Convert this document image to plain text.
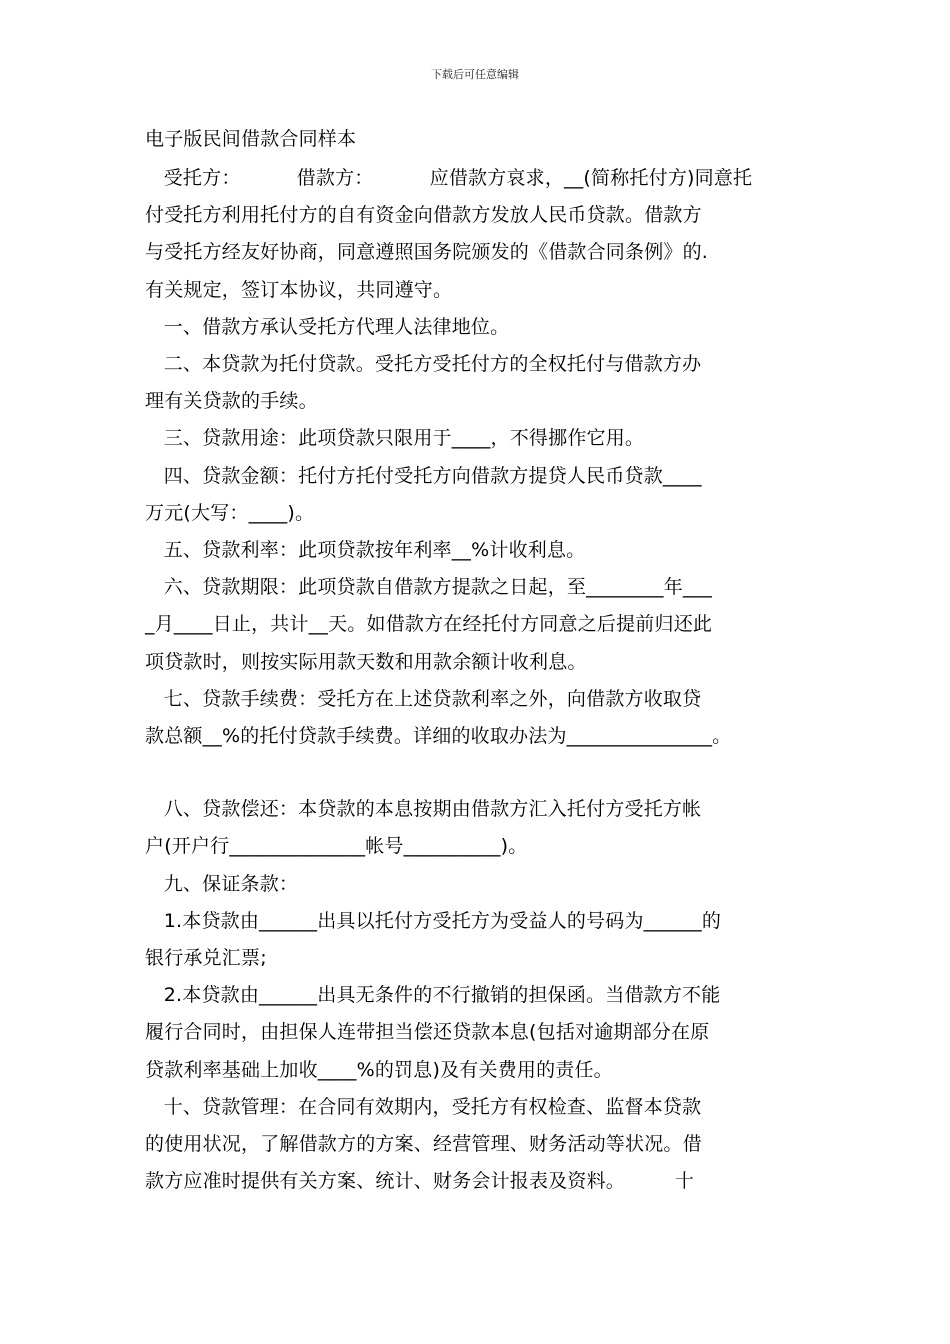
下载后可任意编辑
电子版民间借款合同样本
受托方：         借款方：         应借款方哀求，__(简称托付方)同意托
付受托方利用托付方的自有资金向借款方发放人民币贷款。借款方
与受托方经友好协商，同意遵照国务院颁发的《借款合同条例》的.
有关规定，签订本协议，共同遵守。
一、借款方承认受托方代理人法律地位。
二、本贷款为托付贷款。受托方受托付方的全权托付与借款方办
理有关贷款的手续。
三、贷款用途：此项贷款只限用于____，不得挪作它用。
四、贷款金额：托付方托付受托方向借款方提贷人民币贷款____
万元(大写：____)。
五、贷款利率：此项贷款按年利率__%计收利息。
六、贷款期限：此项贷款自借款方提款之日起，至________年___
_月____日止，共计__天。如借款方在经托付方同意之后提前归还此
项贷款时，则按实际用款天数和用款余额计收利息。
七、贷款手续费：受托方在上述贷款利率之外，向借款方收取贷
款总额__%的托付贷款手续费。详细的收取办法为_______________。
八、贷款偿还：本贷款的本息按期由借款方汇入托付方受托方帐
户(开户行______________帐号__________)。
九、保证条款：
1.本贷款由______出具以托付方受托方为受益人的号码为______的
银行承兑汇票;
2.本贷款由______出具无条件的不行撤销的担保函。当借款方不能
履行合同时，由担保人连带担当偿还贷款本息(包括对逾期部分在原
贷款利率基础上加收____%的罚息)及有关费用的责任。
十、贷款管理：在合同有效期内，受托方有权检查、监督本贷款
的使用状况，了解借款方的方案、经营管理、财务活动等状况。借
款方应准时提供有关方案、统计、财务会计报表及资料。        十
